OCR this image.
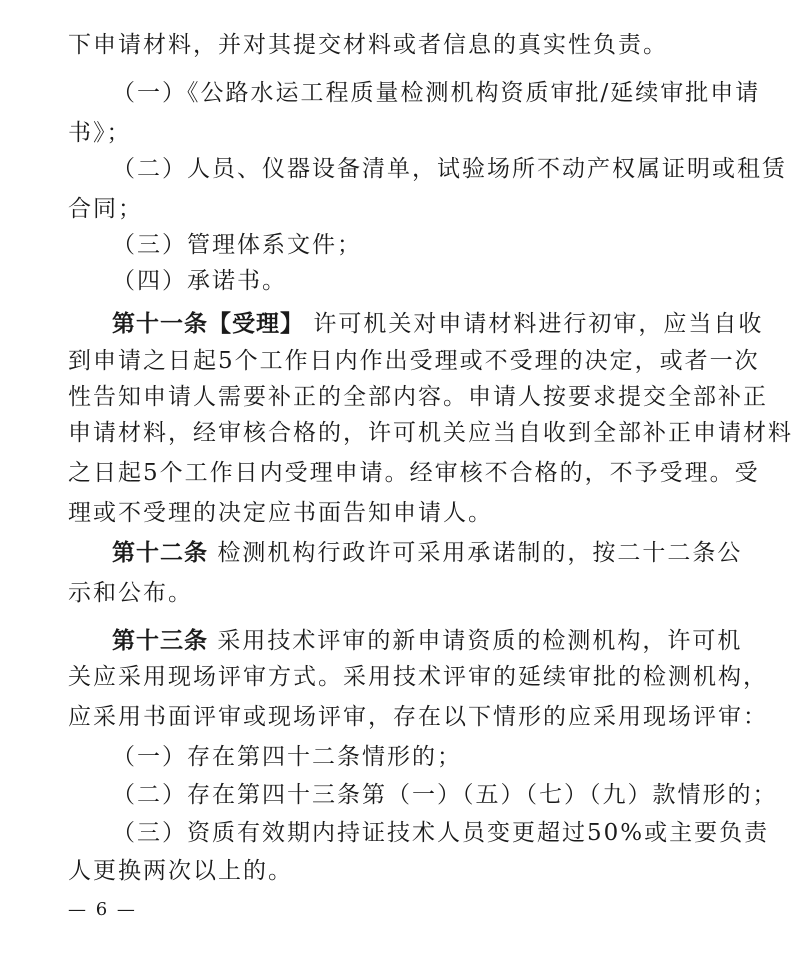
下申请材料，并对其提交材料或者信息的真实性负责。
（一）《公路水运工程质量检测机构资质审批/延续审批申请
书》；
（二）人员、仪器设备清单，试验场所不动产权属证明或租赁
合同；
（三）管理体系文件；
（四）承诺书。
第十一条【受理】 许可机关对申请材料进行初审，应当自收
到申请之日起5个工作日内作出受理或不受理的决定，或者一次
性告知申请人需要补正的全部内容。申请人按要求提交全部补正
申请材料，经审核合格的，许可机关应当自收到全部补正申请材料
之日起5个工作日内受理申请。经审核不合格的，不予受理。受
理或不受理的决定应书面告知申请人。
第十二条 检测机构行政许可采用承诺制的，按二十二条公
示和公布。
第十三条 采用技术评审的新申请资质的检测机构，许可机
关应采用现场评审方式。采用技术评审的延续审批的检测机构，
应采用书面评审或现场评审，存在以下情形的应采用现场评审：
（一）存在第四十二条情形的；
（二）存在第四十三条第（一）（五）（七）（九）款情形的；
（三）资质有效期内持证技术人员变更超过50%或主要负责
人更换两次以上的。
— 6 —
